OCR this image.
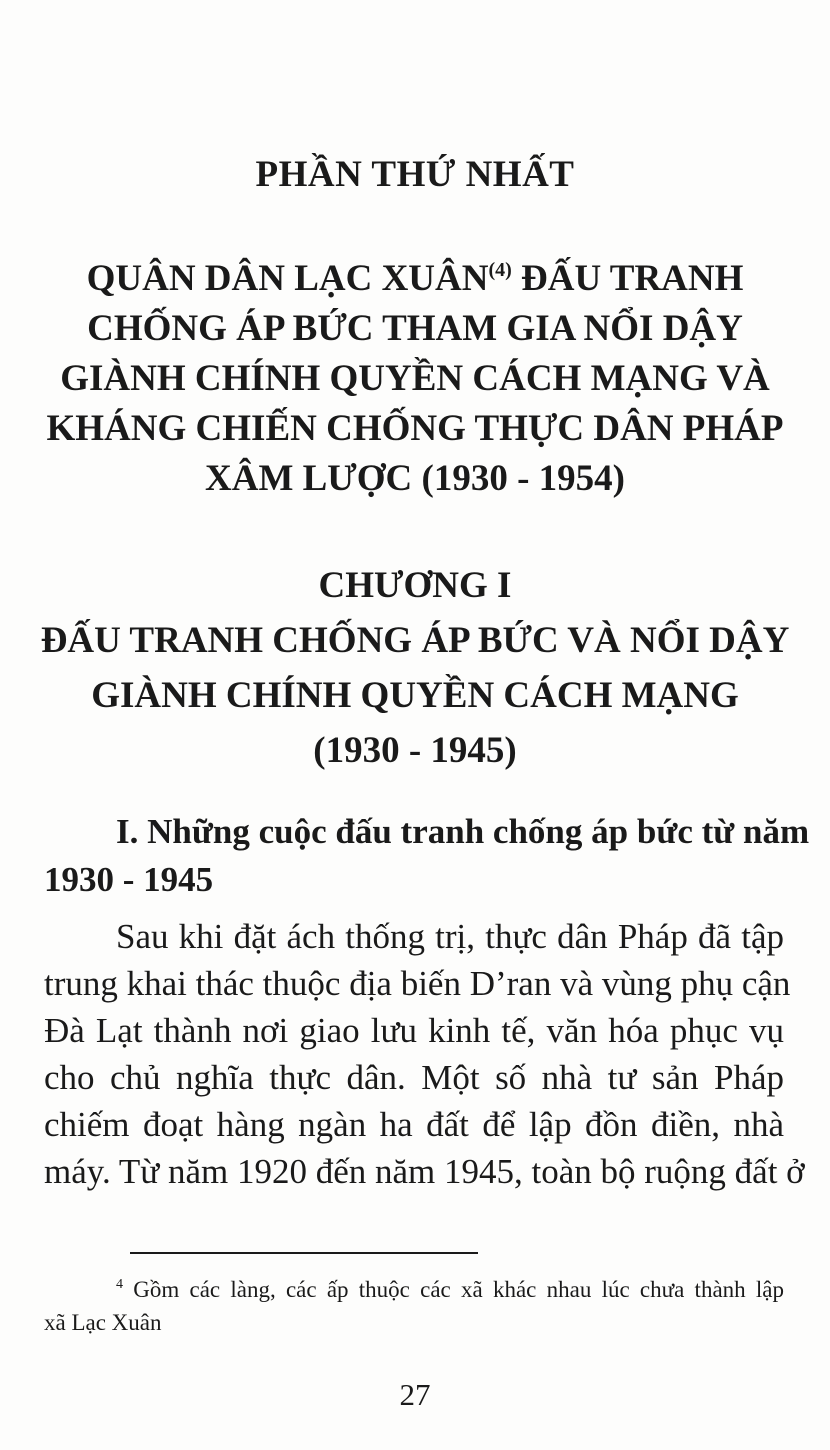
PHẦN THỨ NHẤT
QUÂN DÂN LẠC XUÂN$^{(4)}$ ĐẤU TRANH
CHỐNG ÁP BỨC THAM GIA NỔI DẬY
GIÀNH CHÍNH QUYỀN CÁCH MẠNG VÀ
KHÁNG CHIẾN CHỐNG THỰC DÂN PHÁP
XÂM LƯỢC (1930 - 1954)
CHƯƠNG I
ĐẤU TRANH CHỐNG ÁP BỨC VÀ NỔI DẬY
GIÀNH CHÍNH QUYỀN CÁCH MẠNG
(1930 - 1945)
I. Những cuộc đấu tranh chống áp bức từ năm
1930 - 1945
Sau khi đặt ách thống trị, thực dân Pháp đã tập
trung khai thác thuộc địa biến D’ran và vùng phụ cận
Đà Lạt thành nơi giao lưu kinh tế, văn hóa phục vụ
cho chủ nghĩa thực dân. Một số nhà tư sản Pháp
chiếm đoạt hàng ngàn ha đất để lập đồn điền, nhà
máy. Từ năm 1920 đến năm 1945, toàn bộ ruộng đất ở
$^4$ Gồm các làng, các ấp thuộc các xã khác nhau lúc chưa thành lập
xã Lạc Xuân
27
